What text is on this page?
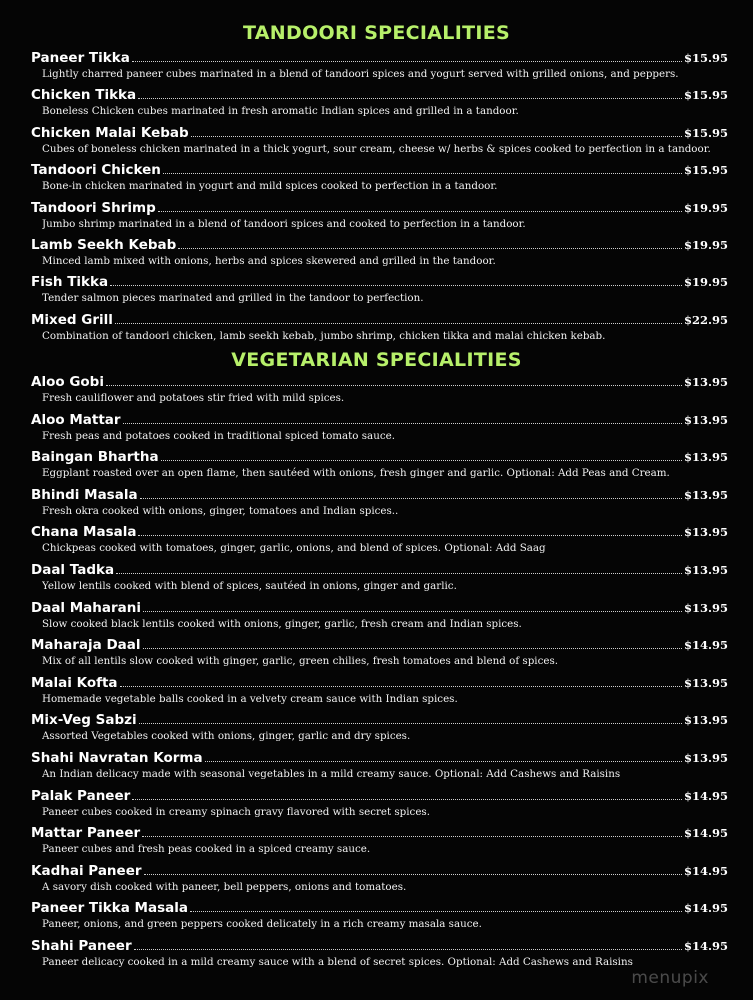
TANDOORI SPECIALITIES
Paneer Tikka	$15.95
Lightly charred paneer cubes marinated in a blend of tandoori spices and yogurt served with grilled onions, and peppers.
Chicken Tikka	$15.95
Boneless Chicken cubes marinated in fresh aromatic Indian spices and grilled in a tandoor.
Chicken Malai Kebab	$15.95
Cubes of boneless chicken marinated in a thick yogurt, sour cream, cheese w/ herbs & spices cooked to perfection in a tandoor.
Tandoori Chicken	$15.95
Bone-in chicken marinated in yogurt and mild spices cooked to perfection in a tandoor.
Tandoori Shrimp	$19.95
Jumbo shrimp marinated in a blend of tandoori spices and cooked to perfection in a tandoor.
Lamb Seekh Kebab	$19.95
Minced lamb mixed with onions, herbs and spices skewered and grilled in the tandoor.
Fish Tikka	$19.95
Tender salmon pieces marinated and grilled in the tandoor to perfection.
Mixed Grill	$22.95
Combination of tandoori chicken, lamb seekh kebab, jumbo shrimp, chicken tikka and malai chicken kebab.
VEGETARIAN SPECIALITIES
Aloo Gobi	$13.95
Fresh cauliflower and potatoes stir fried with mild spices.
Aloo Mattar	$13.95
Fresh peas and potatoes cooked in traditional spiced tomato sauce.
Baingan Bhartha	$13.95
Eggplant roasted over an open flame, then sautéed with onions, fresh ginger and garlic. Optional: Add Peas and Cream.
Bhindi Masala	$13.95
Fresh okra cooked with onions, ginger, tomatoes and Indian spices..
Chana Masala	$13.95
Chickpeas cooked with tomatoes, ginger, garlic, onions, and blend of spices. Optional: Add Saag
Daal Tadka	$13.95
Yellow lentils cooked with blend of spices, sautéed in onions, ginger and garlic.
Daal Maharani	$13.95
Slow cooked black lentils cooked with onions, ginger, garlic, fresh cream and Indian spices.
Maharaja Daal	$14.95
Mix of all lentils slow cooked with ginger, garlic, green chilies, fresh tomatoes and blend of spices.
Malai Kofta	$13.95
Homemade vegetable balls cooked in a velvety cream sauce with Indian spices.
Mix-Veg Sabzi	$13.95
Assorted Vegetables cooked with onions, ginger, garlic and dry spices.
Shahi Navratan Korma	$13.95
An Indian delicacy made with seasonal vegetables in a mild creamy sauce. Optional: Add Cashews and Raisins
Palak Paneer	$14.95
Paneer cubes cooked in creamy spinach gravy flavored with secret spices.
Mattar Paneer	$14.95
Paneer cubes and fresh peas cooked in a spiced creamy sauce.
Kadhai Paneer	$14.95
A savory dish cooked with paneer, bell peppers, onions and tomatoes.
Paneer Tikka Masala	$14.95
Paneer, onions, and green peppers cooked delicately in a rich creamy masala sauce.
Shahi Paneer	$14.95
Paneer delicacy cooked in a mild creamy sauce with a blend of secret spices. Optional: Add Cashews and Raisins
menupix
